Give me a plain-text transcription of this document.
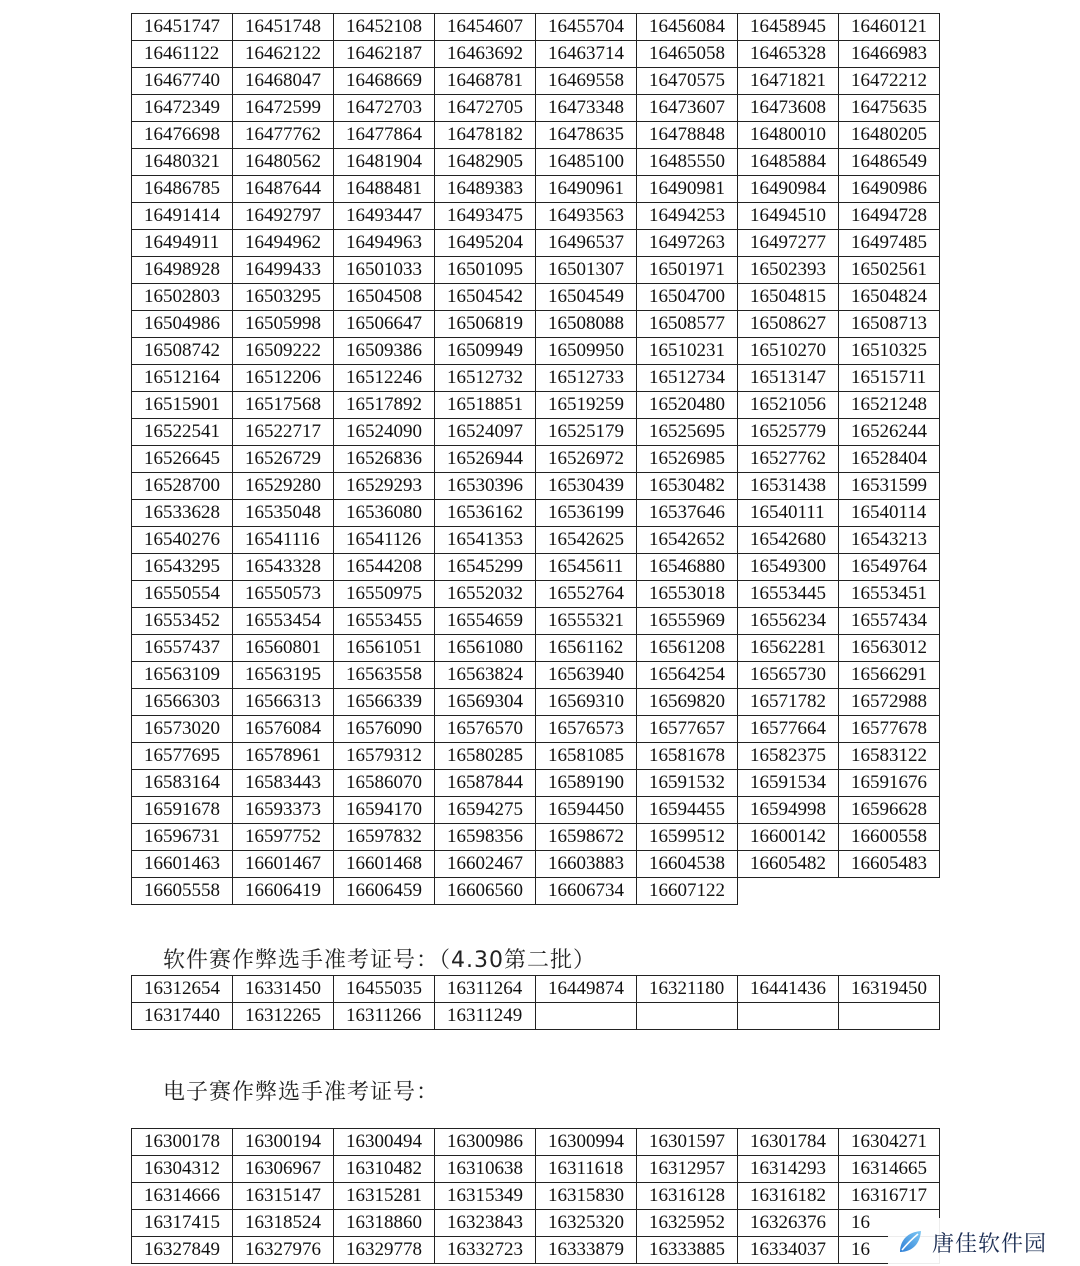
16451747	16451748	16452108	16454607	16455704	16456084	16458945	16460121
16461122	16462122	16462187	16463692	16463714	16465058	16465328	16466983
16467740	16468047	16468669	16468781	16469558	16470575	16471821	16472212
16472349	16472599	16472703	16472705	16473348	16473607	16473608	16475635
16476698	16477762	16477864	16478182	16478635	16478848	16480010	16480205
16480321	16480562	16481904	16482905	16485100	16485550	16485884	16486549
16486785	16487644	16488481	16489383	16490961	16490981	16490984	16490986
16491414	16492797	16493447	16493475	16493563	16494253	16494510	16494728
16494911	16494962	16494963	16495204	16496537	16497263	16497277	16497485
16498928	16499433	16501033	16501095	16501307	16501971	16502393	16502561
16502803	16503295	16504508	16504542	16504549	16504700	16504815	16504824
16504986	16505998	16506647	16506819	16508088	16508577	16508627	16508713
16508742	16509222	16509386	16509949	16509950	16510231	16510270	16510325
16512164	16512206	16512246	16512732	16512733	16512734	16513147	16515711
16515901	16517568	16517892	16518851	16519259	16520480	16521056	16521248
16522541	16522717	16524090	16524097	16525179	16525695	16525779	16526244
16526645	16526729	16526836	16526944	16526972	16526985	16527762	16528404
16528700	16529280	16529293	16530396	16530439	16530482	16531438	16531599
16533628	16535048	16536080	16536162	16536199	16537646	16540111	16540114
16540276	16541116	16541126	16541353	16542625	16542652	16542680	16543213
16543295	16543328	16544208	16545299	16545611	16546880	16549300	16549764
16550554	16550573	16550975	16552032	16552764	16553018	16553445	16553451
16553452	16553454	16553455	16554659	16555321	16555969	16556234	16557434
16557437	16560801	16561051	16561080	16561162	16561208	16562281	16563012
16563109	16563195	16563558	16563824	16563940	16564254	16565730	16566291
16566303	16566313	16566339	16569304	16569310	16569820	16571782	16572988
16573020	16576084	16576090	16576570	16576573	16577657	16577664	16577678
16577695	16578961	16579312	16580285	16581085	16581678	16582375	16583122
16583164	16583443	16586070	16587844	16589190	16591532	16591534	16591676
16591678	16593373	16594170	16594275	16594450	16594455	16594998	16596628
16596731	16597752	16597832	16598356	16598672	16599512	16600142	16600558
16601463	16601467	16601468	16602467	16603883	16604538	16605482	16605483
16605558	16606419	16606459	16606560	16606734	16607122		
软件赛作弊选手准考证号：（4.30第二批）
16312654	16331450	16455035	16311264	16449874	16321180	16441436	16319450
16317440	16312265	16311266	16311249				
电子赛作弊选手准考证号：
16300178	16300194	16300494	16300986	16300994	16301597	16301784	16304271
16304312	16306967	16310482	16310638	16311618	16312957	16314293	16314665
16314666	16315147	16315281	16315349	16315830	16316128	16316182	16316717
16317415	16318524	16318860	16323843	16325320	16325952	16326376	16
16327849	16327976	16329778	16332723	16333879	16333885	16334037	16	唐佳软件园
